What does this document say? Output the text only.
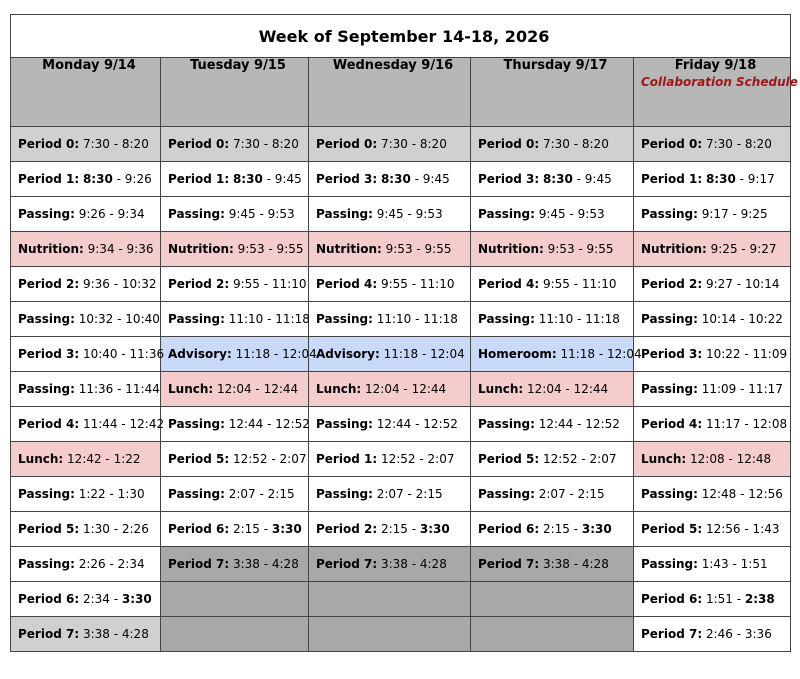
Week of September 14-18, 2026				
Monday 9/14	Tuesday 9/15	Wednesday 9/16	Thursday 9/17	Friday 9/18
Collaboration Schedule

Period 0: 7:30 - 8:20	Period 0: 7:30 - 8:20	Period 0: 7:30 - 8:20	Period 0: 7:30 - 8:20	Period 0: 7:30 - 8:20
Period 1: 8:30 - 9:26	Period 1: 8:30 - 9:45	Period 3: 8:30 - 9:45	Period 3: 8:30 - 9:45	Period 1: 8:30 - 9:17
Passing: 9:26 - 9:34	Passing: 9:45 - 9:53	Passing: 9:45 - 9:53	Passing: 9:45 - 9:53	Passing: 9:17 - 9:25
Nutrition: 9:34 - 9:36	Nutrition: 9:53 - 9:55	Nutrition: 9:53 - 9:55	Nutrition: 9:53 - 9:55	Nutrition: 9:25 - 9:27
Period 2: 9:36 - 10:32	Period 2: 9:55 - 11:10	Period 4: 9:55 - 11:10	Period 4: 9:55 - 11:10	Period 2: 9:27 - 10:14
Passing: 10:32 - 10:40	Passing: 11:10 - 11:18	Passing: 11:10 - 11:18	Passing: 11:10 - 11:18	Passing: 10:14 - 10:22
Period 3: 10:40 - 11:36	Advisory: 11:18 - 12:04	Advisory: 11:18 - 12:04	Homeroom: 11:18 - 12:04	Period 3: 10:22 - 11:09
Passing: 11:36 - 11:44	Lunch: 12:04 - 12:44	Lunch: 12:04 - 12:44	Lunch: 12:04 - 12:44	Passing: 11:09 - 11:17
Period 4: 11:44 - 12:42	Passing: 12:44 - 12:52	Passing: 12:44 - 12:52	Passing: 12:44 - 12:52	Period 4: 11:17 - 12:08
Lunch: 12:42 - 1:22	Period 5: 12:52 - 2:07	Period 1: 12:52 - 2:07	Period 5: 12:52 - 2:07	Lunch: 12:08 - 12:48
Passing: 1:22 - 1:30	Passing: 2:07 - 2:15	Passing: 2:07 - 2:15	Passing: 2:07 - 2:15	Passing: 12:48 - 12:56
Period 5: 1:30 - 2:26	Period 6: 2:15 - 3:30	Period 2: 2:15 - 3:30	Period 6: 2:15 - 3:30	Period 5: 12:56 - 1:43
Passing: 2:26 - 2:34	Period 7: 3:38 - 4:28	Period 7: 3:38 - 4:28	Period 7: 3:38 - 4:28	Passing: 1:43 - 1:51
Period 6: 2:34 - 3:30				Period 6: 1:51 - 2:38
Period 7: 3:38 - 4:28				Period 7: 2:46 - 3:36
